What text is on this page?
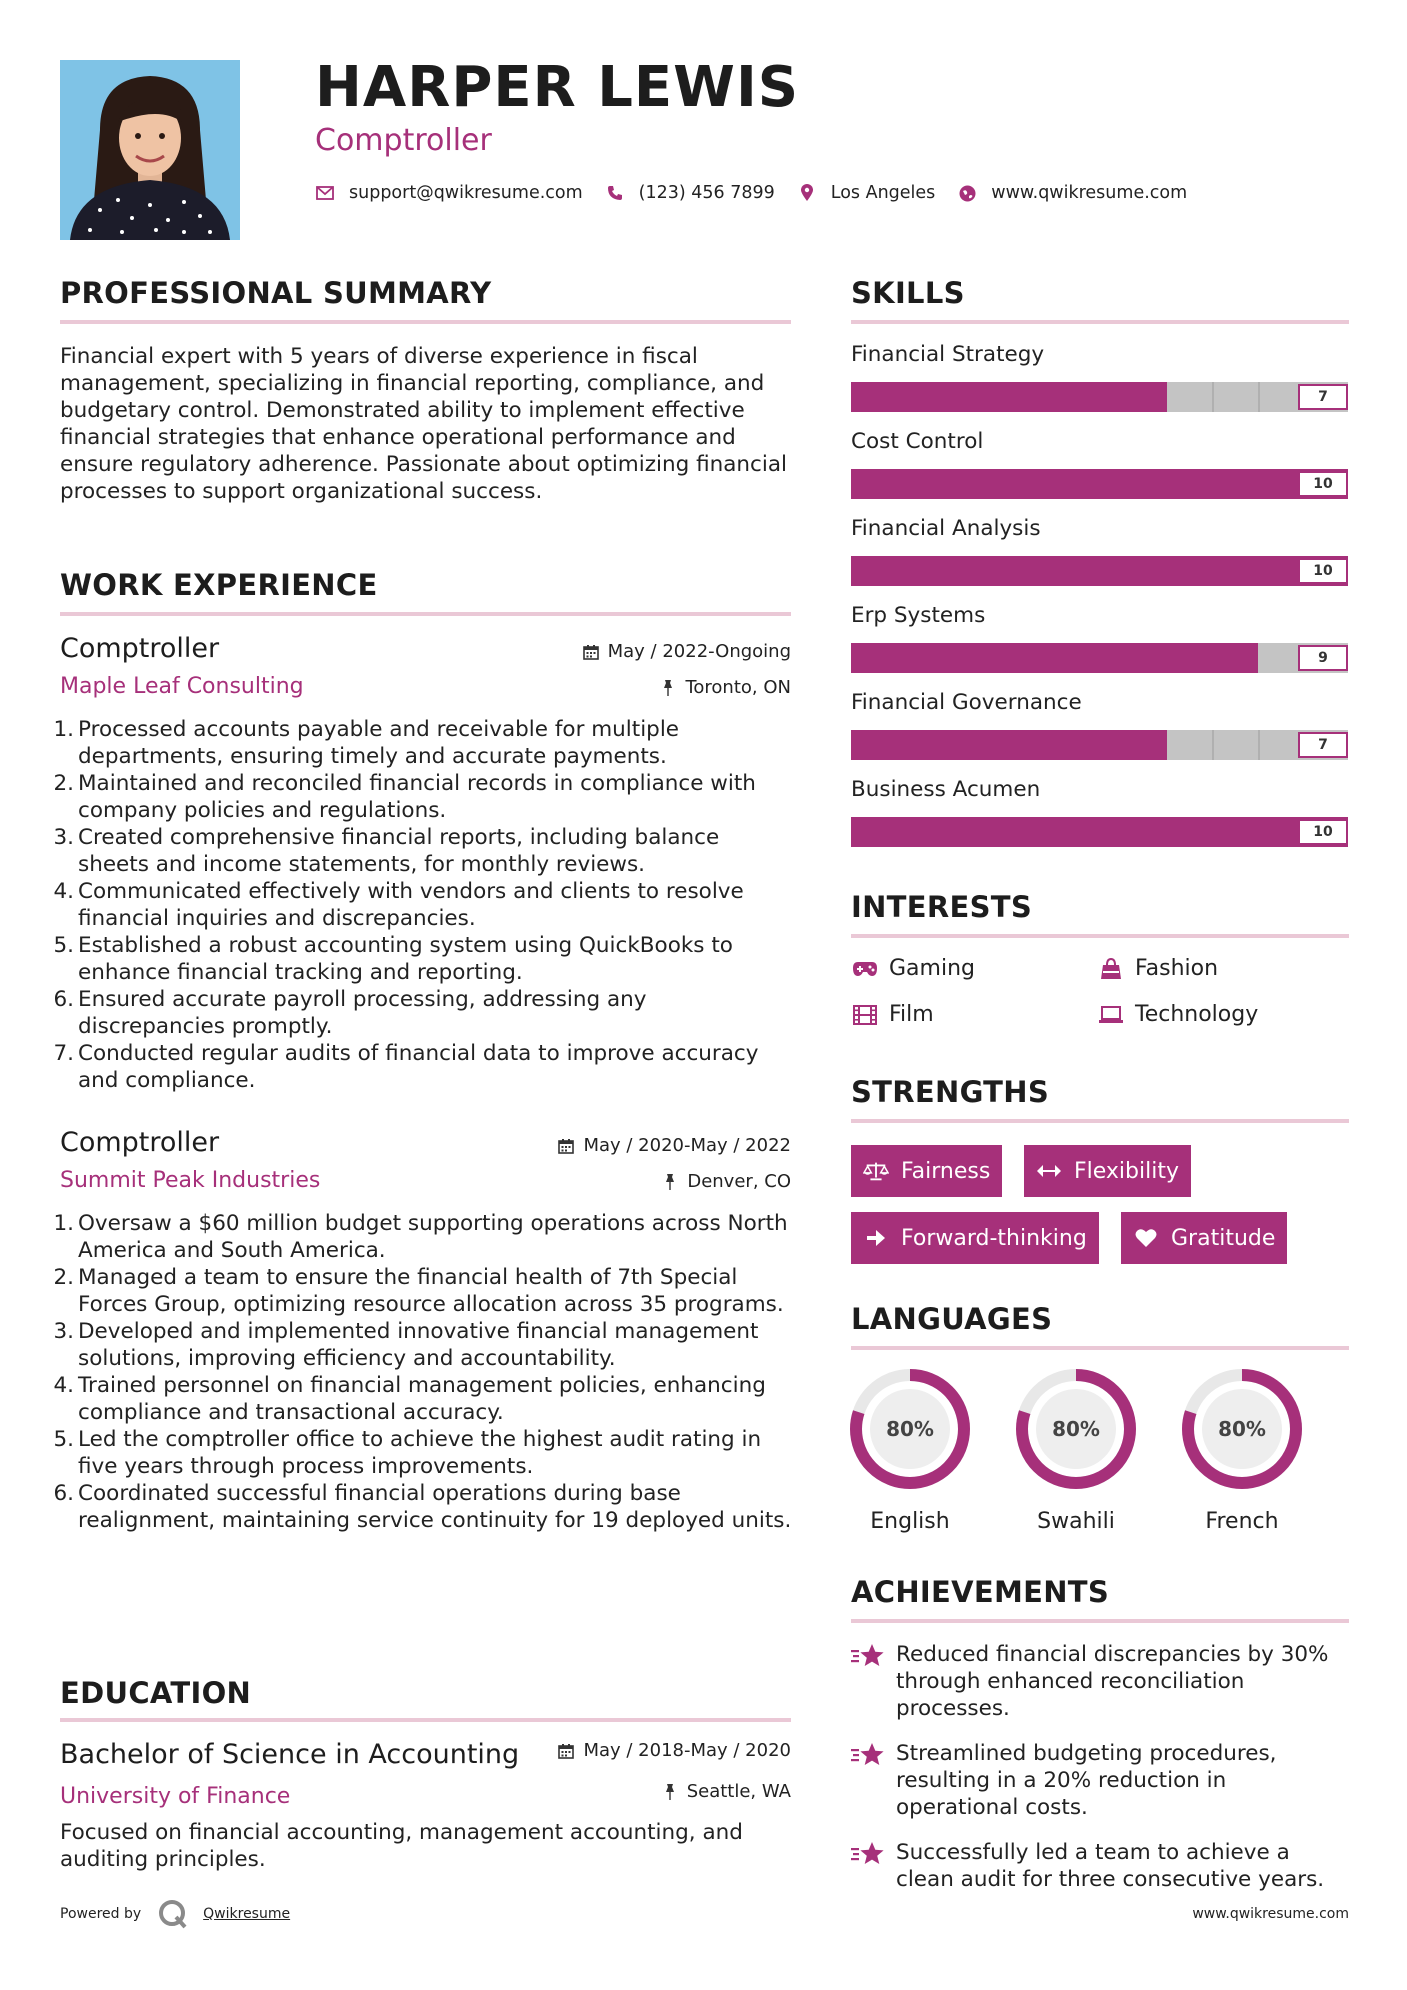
HARPER LEWIS
Comptroller
support@qwikresume.com	(123) 456 7899	Los Angeles	www.qwikresume.com
PROFESSIONAL SUMMARY
Financial expert with 5 years of diverse experience in fiscal management, specializing in financial reporting, compliance, and budgetary control. Demonstrated ability to implement effective financial strategies that enhance operational performance and ensure regulatory adherence. Passionate about optimizing financial processes to support organizational success.
WORK EXPERIENCE
Comptroller
Maple Leaf Consulting
May / 2022-Ongoing
Toronto, ON
1. Processed accounts payable and receivable for multiple departments, ensuring timely and accurate payments.
2. Maintained and reconciled financial records in compliance with company policies and regulations.
3. Created comprehensive financial reports, including balance sheets and income statements, for monthly reviews.
4. Communicated effectively with vendors and clients to resolve financial inquiries and discrepancies.
5. Established a robust accounting system using QuickBooks to enhance financial tracking and reporting.
6. Ensured accurate payroll processing, addressing any discrepancies promptly.
7. Conducted regular audits of financial data to improve accuracy and compliance.
Comptroller
Summit Peak Industries
May / 2020-May / 2022
Denver, CO
1. Oversaw a $60 million budget supporting operations across North America and South America.
2. Managed a team to ensure the financial health of 7th Special Forces Group, optimizing resource allocation across 35 programs.
3. Developed and implemented innovative financial management solutions, improving efficiency and accountability.
4. Trained personnel on financial management policies, enhancing compliance and transactional accuracy.
5. Led the comptroller office to achieve the highest audit rating in five years through process improvements.
6. Coordinated successful financial operations during base realignment, maintaining service continuity for 19 deployed units.
EDUCATION
Bachelor of Science in Accounting
University of Finance
May / 2018-May / 2020
Seattle, WA
Focused on financial accounting, management accounting, and auditing principles.
SKILLS
Financial Strategy
7
Cost Control
10
Financial Analysis
10
Erp Systems
9
Financial Governance
7
Business Acumen
10
INTERESTS
Gaming	Fashion
Film	Technology
STRENGTHS
Fairness	Flexibility
Forward-thinking	Gratitude
LANGUAGES
80%
English
80%
Swahili
80%
French
ACHIEVEMENTS
Reduced financial discrepancies by 30% through enhanced reconciliation processes.
Streamlined budgeting procedures, resulting in a 20% reduction in operational costs.
Successfully led a team to achieve a clean audit for three consecutive years.
Powered by	Qwikresume	www.qwikresume.com
